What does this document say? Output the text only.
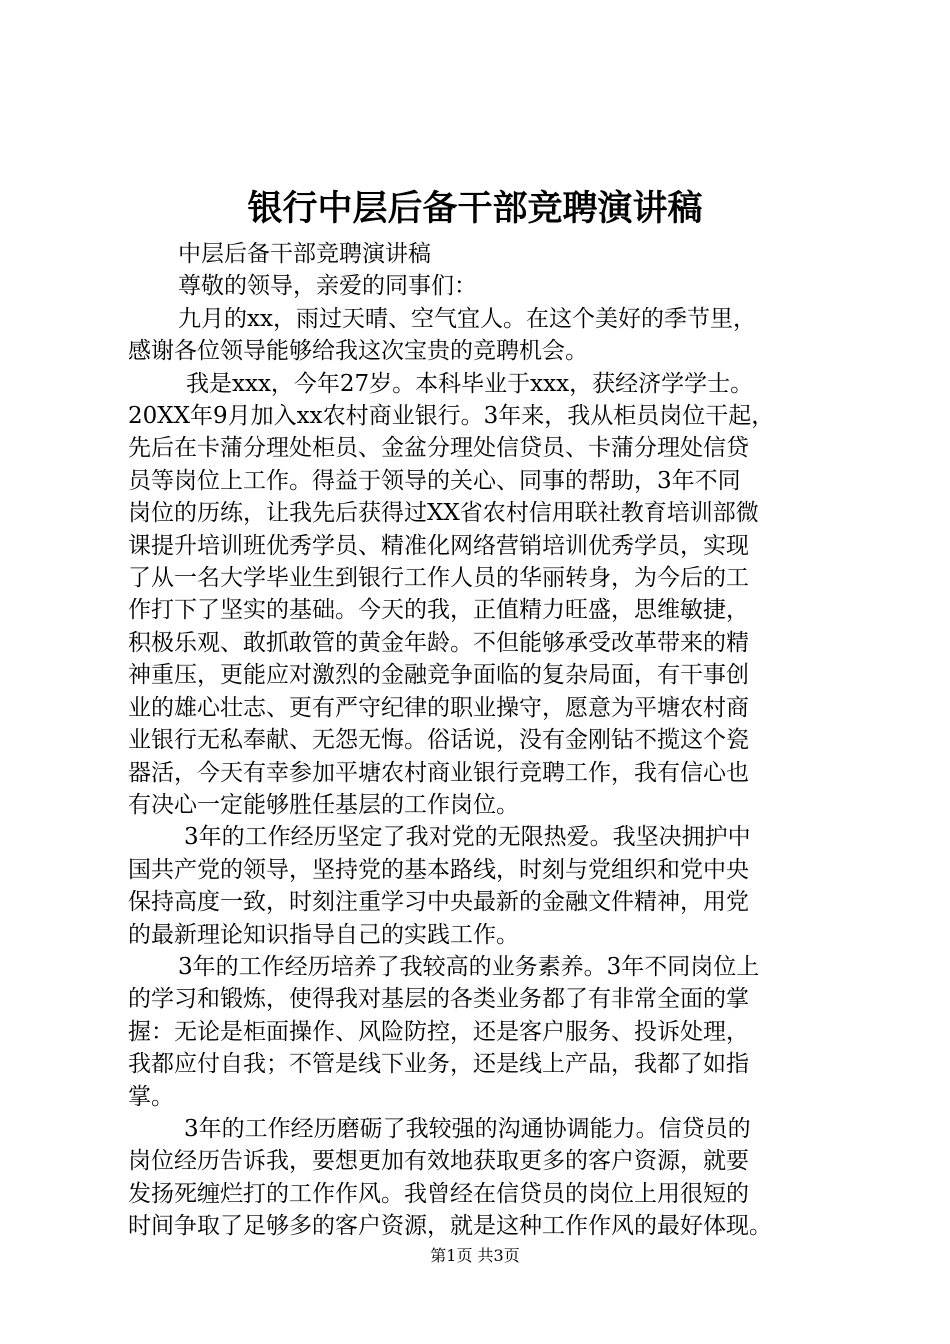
银行中层后备干部竞聘演讲稿

中层后备干部竞聘演讲稿

尊敬的领导，亲爱的同事们：

九月的xx，雨过天晴、空气宜人。在这个美好的季节里，
感谢各位领导能够给我这次宝贵的竞聘机会。

我是xxx，今年27岁。本科毕业于xxx，获经济学学士。
20XX年9月加入xx农村商业银行。3年来，我从柜员岗位干起，
先后在卡蒲分理处柜员、金盆分理处信贷员、卡蒲分理处信贷
员等岗位上工作。得益于领导的关心、同事的帮助，3年不同
岗位的历练，让我先后获得过XX省农村信用联社教育培训部微
课提升培训班优秀学员、精准化网络营销培训优秀学员，实现
了从一名大学毕业生到银行工作人员的华丽转身，为今后的工
作打下了坚实的基础。今天的我，正值精力旺盛，思维敏捷，
积极乐观、敢抓敢管的黄金年龄。不但能够承受改革带来的精
神重压，更能应对激烈的金融竞争面临的复杂局面，有干事创
业的雄心壮志、更有严守纪律的职业操守，愿意为平塘农村商
业银行无私奉献、无怨无悔。俗话说，没有金刚钻不揽这个瓷
器活，今天有幸参加平塘农村商业银行竞聘工作，我有信心也
有决心一定能够胜任基层的工作岗位。

3年的工作经历坚定了我对党的无限热爱。我坚决拥护中
国共产党的领导，坚持党的基本路线，时刻与党组织和党中央
保持高度一致，时刻注重学习中央最新的金融文件精神，用党
的最新理论知识指导自己的实践工作。

3年的工作经历培养了我较高的业务素养。3年不同岗位上
的学习和锻炼，使得我对基层的各类业务都了有非常全面的掌
握：无论是柜面操作、风险防控，还是客户服务、投诉处理，
我都应付自我；不管是线下业务，还是线上产品，我都了如指
掌。

3年的工作经历磨砺了我较强的沟通协调能力。信贷员的
岗位经历告诉我，要想更加有效地获取更多的客户资源，就要
发扬死缠烂打的工作作风。我曾经在信贷员的岗位上用很短的
时间争取了足够多的客户资源，就是这种工作作风的最好体现。

第1页 共3页
